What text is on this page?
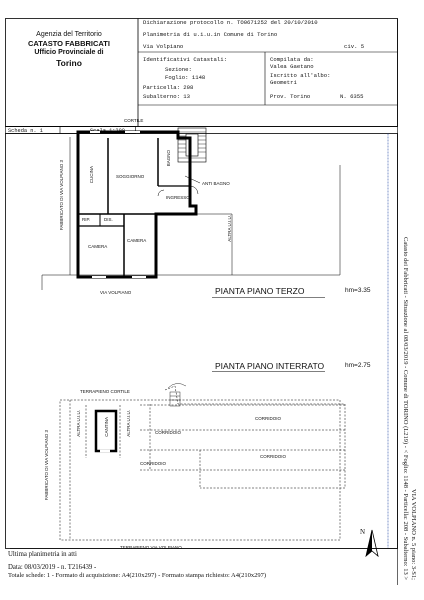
Agenzia del Territorio
CATASTO FABBRICATI
Ufficio Provinciale di
Torino
Dichiarazione protocollo n. TO0671252 del 20/10/2010
Planimetria di u.i.u.in Comune di Torino
Via Volpiano	civ. 5
Identificativi Catastali:
Sezione:
Foglio: 1148
Particella: 208
Subalterno: 13
Compilata da:
Valea Gaetano
Iscritto all'albo:
Geometri
Prov. Torino	N. 6355
Scheda n. 1	Scala 1:200
CORTILE
SOGGIORNO
INGRESSO
ANTI BAGNO
RIP.	DIS.
CAMERA
CAMERA
VIA VOLPIANO
CUCINA
BAGNO
FABBRICATO DI VIA VOLPIANO 3	ALTRA U.I.U.
PIANTA PIANO TERZO	hm=3.35
PIANTA PIANO INTERRATO	hm=2.75
TERRAPIENO CORTILE
CORRIDOIO
CORRIDOIO
CORRIDOIO
CORRIDOIO
TERRAPIENO VIA VOLPIANO
CANTINA
ALTRA U.I.U.	ALTRA U.I.U.
FABBRICATO DI VIA VOLPIANO 3
N
Ultima planimetria in atti
Data: 08/03/2019 - n. T216439 -
Totale schede: 1 - Formato di acquisizione: A4(210x297) - Formato stampa richiesto: A4(210x297)	Catasto dei Fabbricati - Situazione al 08/03/2019 - Comune di TORINO (L219) - < Foglio: 1148 - Particella: 208 - Subalterno: 13 > VIA VOLPIANO n. 5 piano: 3-S1;
